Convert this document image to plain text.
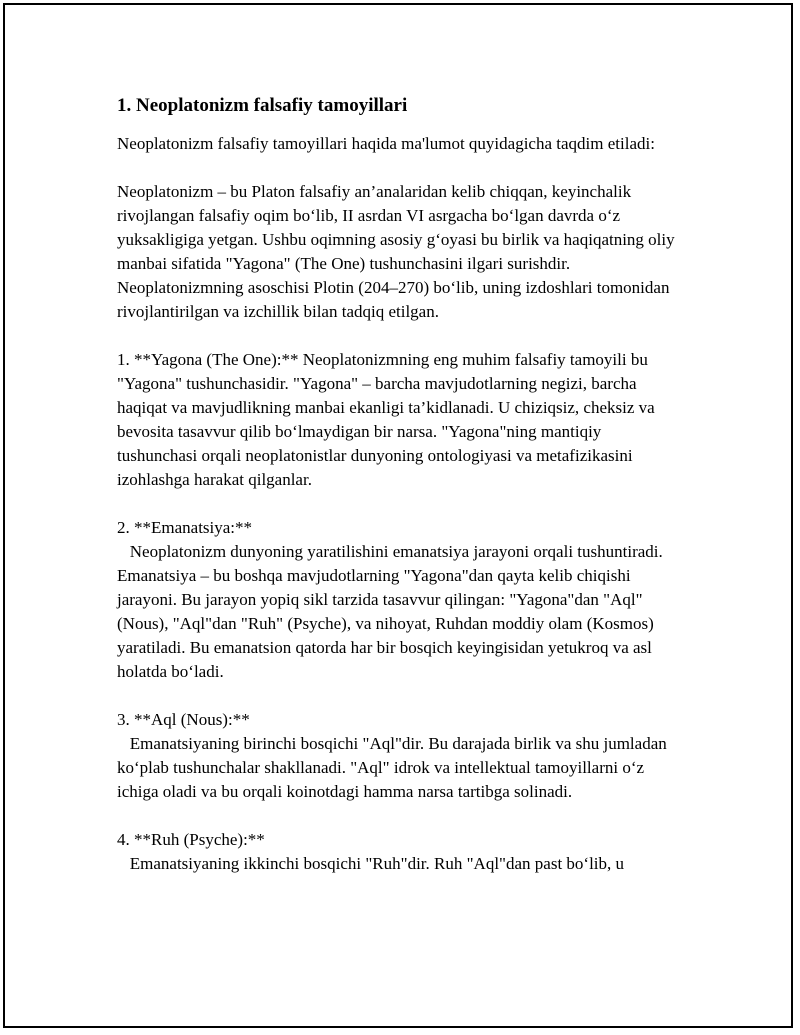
1. Neoplatonizm falsafiy tamoyillari

Neoplatonizm falsafiy tamoyillari haqida ma'lumot quyidagicha taqdim etiladi:

Neoplatonizm – bu Platon falsafiy an’analaridan kelib chiqqan, keyinchalik rivojlangan falsafiy oqim bo‘lib, II asrdan VI asrgacha bo‘lgan davrda o‘z yuksakligiga yetgan. Ushbu oqimning asosiy g‘oyasi bu birlik va haqiqatning oliy manbai sifatida "Yagona" (The One) tushunchasini ilgari surishdir. Neoplatonizmning asoschisi Plotin (204–270) bo‘lib, uning izdoshlari tomonidan rivojlantirilgan va izchillik bilan tadqiq etilgan.

1. **Yagona (The One):** Neoplatonizmning eng muhim falsafiy tamoyili bu "Yagona" tushunchasidir. "Yagona" – barcha mavjudotlarning negizi, barcha haqiqat va mavjudlikning manbai ekanligi ta’kidlanadi. U chiziqsiz, cheksiz va bevosita tasavvur qilib bo‘lmaydigan bir narsa. "Yagona"ning mantiqiy tushunchasi orqali neoplatonistlar dunyoning ontologiyasi va metafizikasini izohlashga harakat qilganlar.

2. **Emanatsiya:**
Neoplatonizm dunyoning yaratilishini emanatsiya jarayoni orqali tushuntiradi. Emanatsiya – bu boshqa mavjudotlarning "Yagona"dan qayta kelib chiqishi jarayoni. Bu jarayon yopiq sikl tarzida tasavvur qilingan: "Yagona"dan "Aql" (Nous), "Aql"dan "Ruh" (Psyche), va nihoyat, Ruhdan moddiy olam (Kosmos) yaratiladi. Bu emanatsion qatorda har bir bosqich keyingisidan yetukroq va asl holatda bo‘ladi.

3. **Aql (Nous):**
Emanatsiyaning birinchi bosqichi "Aql"dir. Bu darajada birlik va shu jumladan ko‘plab tushunchalar shakllanadi. "Aql" idrok va intellektual tamoyillarni o‘z ichiga oladi va bu orqali koinotdagi hamma narsa tartibga solinadi.

4. **Ruh (Psyche):**
Emanatsiyaning ikkinchi bosqichi "Ruh"dir. Ruh "Aql"dan past bo‘lib, u
